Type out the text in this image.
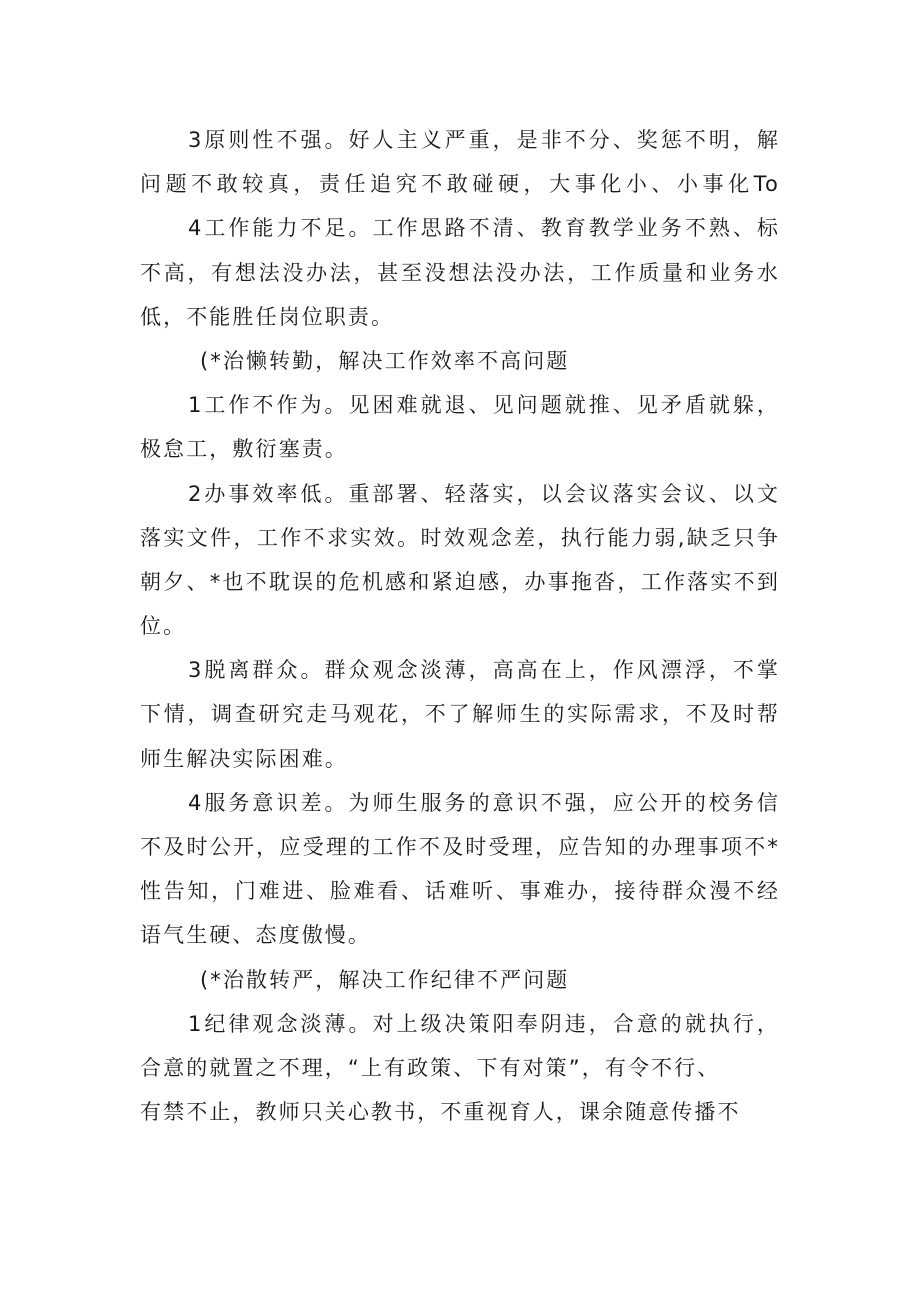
3原则性不强。好人主义严重，是非不分、奖惩不明，解
问题不敢较真，责任追究不敢碰硬，大事化小、小事化To
4工作能力不足。工作思路不清、教育教学业务不熟、标
不高，有想法没办法，甚至没想法没办法，工作质量和业务水
低，不能胜任岗位职责。
(*治懒转勤，解决工作效率不高问题
1工作不作为。见困难就退、见问题就推、见矛盾就躲，
极怠工，敷衍塞责。
2办事效率低。重部署、轻落实，以会议落实会议、以文
落实文件，工作不求实效。时效观念差，执行能力弱,缺乏只争
朝夕、*也不耽误的危机感和紧迫感，办事拖沓，工作落实不到
位。
3脱离群众。群众观念淡薄，高高在上，作风漂浮，不掌
下情，调查研究走马观花，不了解师生的实际需求，不及时帮
师生解决实际困难。
4服务意识差。为师生服务的意识不强，应公开的校务信
不及时公开，应受理的工作不及时受理，应告知的办理事项不*
性告知，门难进、脸难看、话难听、事难办，接待群众漫不经
语气生硬、态度傲慢。
(*治散转严，解决工作纪律不严问题
1纪律观念淡薄。对上级决策阳奉阴违，合意的就执行，
合意的就置之不理，“上有政策、下有对策”，有令不行、
有禁不止，教师只关心教书，不重视育人，课余随意传播不
